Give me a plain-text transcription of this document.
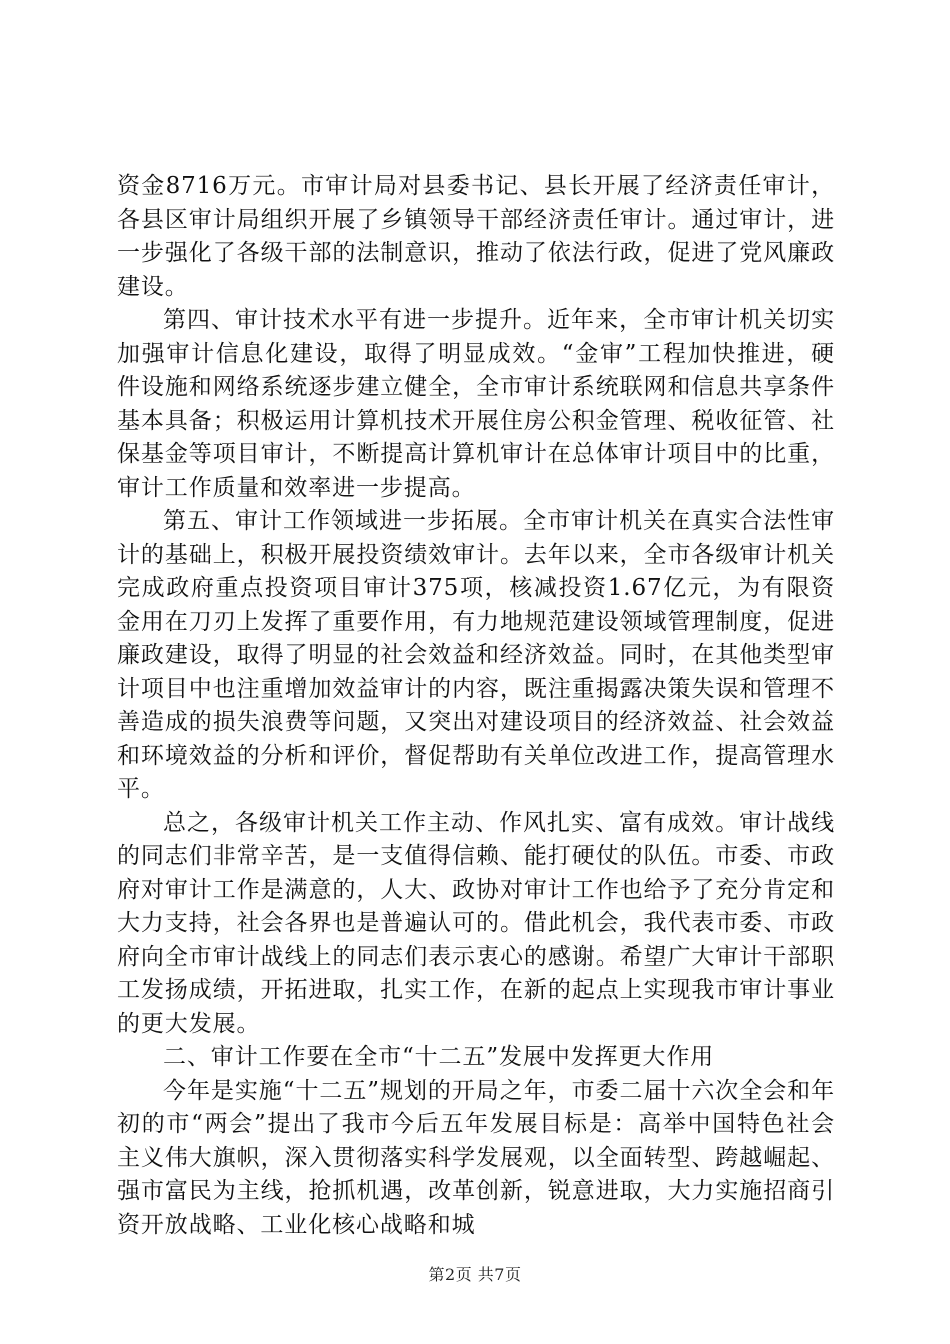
资金8716万元。市审计局对县委书记、县长开展了经济责任审计，各县区审计局组织开展了乡镇领导干部经济责任审计。通过审计，进一步强化了各级干部的法制意识，推动了依法行政，促进了党风廉政建设。

第四、审计技术水平有进一步提升。近年来，全市审计机关切实加强审计信息化建设，取得了明显成效。“金审”工程加快推进，硬件设施和网络系统逐步建立健全，全市审计系统联网和信息共享条件基本具备；积极运用计算机技术开展住房公积金管理、税收征管、社保基金等项目审计，不断提高计算机审计在总体审计项目中的比重，审计工作质量和效率进一步提高。

第五、审计工作领域进一步拓展。全市审计机关在真实合法性审计的基础上，积极开展投资绩效审计。去年以来，全市各级审计机关完成政府重点投资项目审计375项，核减投资1.67亿元，为有限资金用在刀刃上发挥了重要作用，有力地规范建设领域管理制度，促进廉政建设，取得了明显的社会效益和经济效益。同时，在其他类型审计项目中也注重增加效益审计的内容，既注重揭露决策失误和管理不善造成的损失浪费等问题，又突出对建设项目的经济效益、社会效益和环境效益的分析和评价，督促帮助有关单位改进工作，提高管理水平。

总之，各级审计机关工作主动、作风扎实、富有成效。审计战线的同志们非常辛苦，是一支值得信赖、能打硬仗的队伍。市委、市政府对审计工作是满意的，人大、政协对审计工作也给予了充分肯定和大力支持，社会各界也是普遍认可的。借此机会，我代表市委、市政府向全市审计战线上的同志们表示衷心的感谢。希望广大审计干部职工发扬成绩，开拓进取，扎实工作，在新的起点上实现我市审计事业的更大发展。

二、审计工作要在全市“十二五”发展中发挥更大作用

今年是实施“十二五”规划的开局之年，市委二届十六次全会和年初的市“两会”提出了我市今后五年发展目标是：高举中国特色社会主义伟大旗帜，深入贯彻落实科学发展观，以全面转型、跨越崛起、强市富民为主线，抢抓机遇，改革创新，锐意进取，大力实施招商引资开放战略、工业化核心战略和城

第2页 共7页
